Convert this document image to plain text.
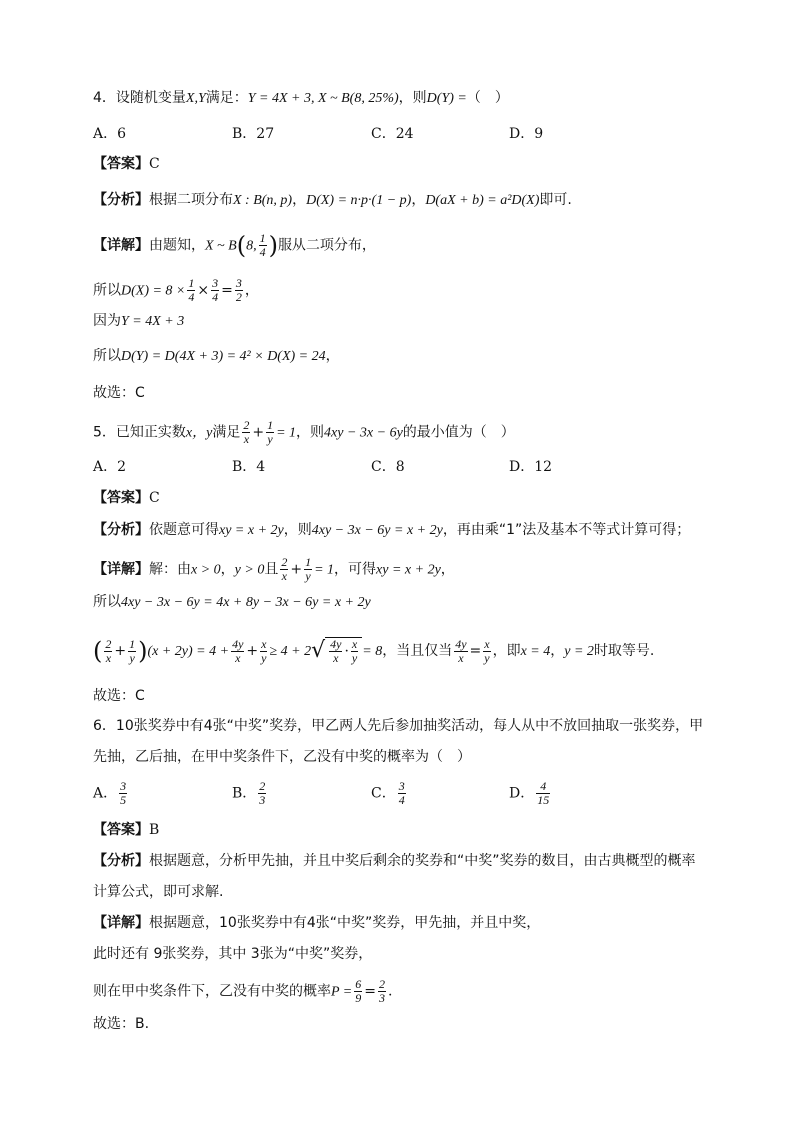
4．设随机变量X,Y满足：Y = 4X + 3, X ~ B(8, 25%)，则D(Y) =（　）
A．6	B．27	C．24	D．9
【答案】C
【分析】根据二项分布X : B(n, p)，D(X) = n·p·(1 − p)，D(aX + b) = a²D(X)即可.
【详解】由题知，X ~ B(8, $\frac{1}{4}$ )服从二项分布，
所以$D(X) = 8 \times \frac{1}{4} \times \frac{3}{4} = \frac{3}{2}$ ，
因为Y = 4X + 3
所以D(Y) = D(4X + 3) = 4² × D(X) = 24，
故选：C
5．已知正实数x，y满足 $\frac{2}{x} + \frac{1}{y} = 1$，则4xy − 3x − 6y的最小值为（　）
A．2	B．4	C．8	D．12
【答案】C
【分析】依题意可得xy = x + 2y，则4xy − 3x − 6y = x + 2y，再由乘“1”法及基本不等式计算可得；
【详解】解：由x > 0，y > 0且 $\frac{2}{x} + \frac{1}{y} = 1$，可得xy = x + 2y，
所以4xy − 3x − 6y = 4x + 8y − 3x − 6y = x + 2y
( $\frac{2}{x} + \frac{1}{y} )(x + 2y) = 4 + \frac{4y}{x} + \frac{x}{y} \ge 4 + 2√ \frac{4y}{x} \cdot \frac{x}{y} = 8$，当且仅当 $\frac{4y}{x} = \frac{x}{y}$ ，即x = 4，y = 2时取等号.
故选：C
6．10张奖券中有4张“中奖”奖券，甲乙两人先后参加抽奖活动，每人从中不放回抽取一张奖券，甲
先抽，乙后抽，在甲中奖条件下，乙没有中奖的概率为（　）
A． $\frac{3}{5}$	B． $\frac{2}{3}$	C． $\frac{3}{4}$	D． $\frac{4}{15}$
【答案】B
【分析】根据题意，分析甲先抽，并且中奖后剩余的奖券和“中奖”奖券的数目，由古典概型的概率
计算公式，即可求解.
【详解】根据题意，10张奖券中有4张“中奖”奖券，甲先抽，并且中奖，
此时还有 9张奖券，其中 3张为“中奖”奖券，
则在甲中奖条件下，乙没有中奖的概率$P = \frac{6}{9} = \frac{2}{3}$ .
故选：B.
